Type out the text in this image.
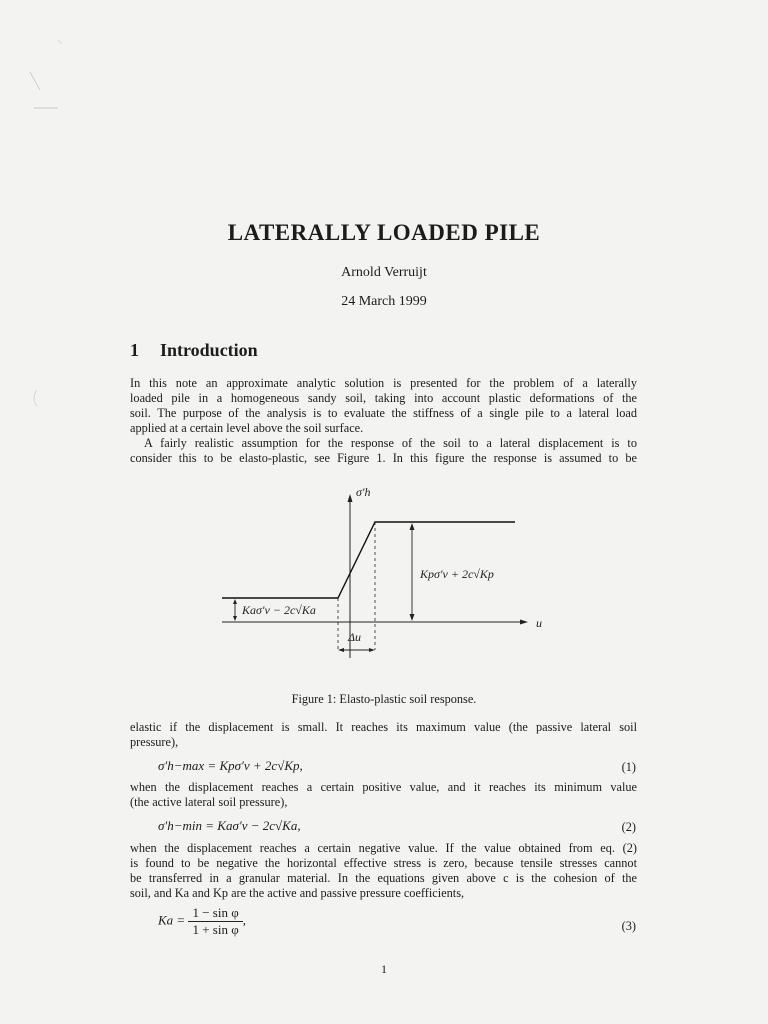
LATERALLY LOADED PILE
Arnold Verruijt
24 March 1999
1 Introduction
In this note an approximate analytic solution is presented for the problem of a laterally
loaded pile in a homogeneous sandy soil, taking into account plastic deformations of the
soil. The purpose of the analysis is to evaluate the stiffness of a single pile to a lateral load
applied at a certain level above the soil surface.
A fairly realistic assumption for the response of the soil to a lateral displacement is to
consider this to be elasto-plastic, see Figure 1. In this figure the response is assumed to be
σ′h
u
Kpσ′v + 2c√Kp
Kaσ′v − 2c√Ka
Δu
Figure 1: Elasto-plastic soil response.
elastic if the displacement is small. It reaches its maximum value (the passive lateral soil
pressure),
σ′h−max = Kpσ′v + 2c√Kp,	(1)
when the displacement reaches a certain positive value, and it reaches its minimum value
(the active lateral soil pressure),
σ′h−min = Kaσ′v − 2c√Ka,	(2)
when the displacement reaches a certain negative value. If the value obtained from eq. (2)
is found to be negative the horizontal effective stress is zero, because tensile stresses cannot
be transferred in a granular material. In the equations given above c is the cohesion of the
soil, and Ka and Kp are the active and passive pressure coefficients,
$Ka = \frac{\text{1 − sin φ}}{\text{1 + sin φ}}$ ,	(3)
1
